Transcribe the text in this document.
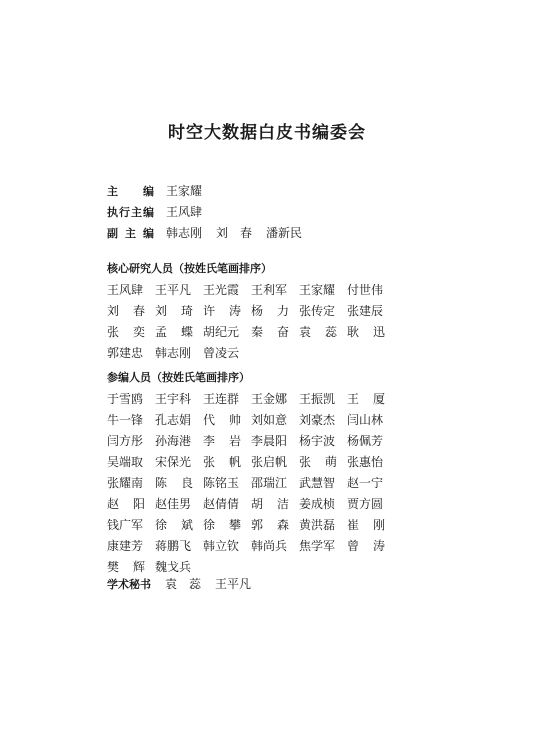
时空大数据白皮书编委会
主 编 王家耀
执 行 主 编 王风肆
副 主 编 韩志刚 刘　春 潘新民
核心研究人员（按姓氏笔画排序）
王风肆 王平凡 王光霞 王利军 王家耀 付世伟
刘 春 刘 琦 许 涛 杨 力 张传定 张建辰
张 奕 孟 蝶 胡纪元 秦 奋 袁 蕊 耿 迅
郭建忠 韩志刚 曾凌云
参编人员（按姓氏笔画排序）
于雪鸥 王宇科 王连群 王金娜 王振凯 王 厦
牛一锋 孔志娟 代 帅 刘如意 刘豪杰 闫山林
闫方彤 孙海港 李 岩 李晨阳 杨宇波 杨佩芳
吴端取 宋保光 张 帆 张启帆 张 萌 张惠怡
张耀南 陈 良 陈铭玉 邵瑞江 武慧智 赵一宁
赵 阳 赵佳男 赵倩倩 胡 洁 姜成桢 贾方圆
钱广军 徐 斌 徐 攀 郭 森 黄洪磊 崔 刚
康建芳 蒋鹏飞 韩立钦 韩尚兵 焦学军 曾 涛
樊 辉 魏戈兵
学术秘书 袁　蕊 王平凡
